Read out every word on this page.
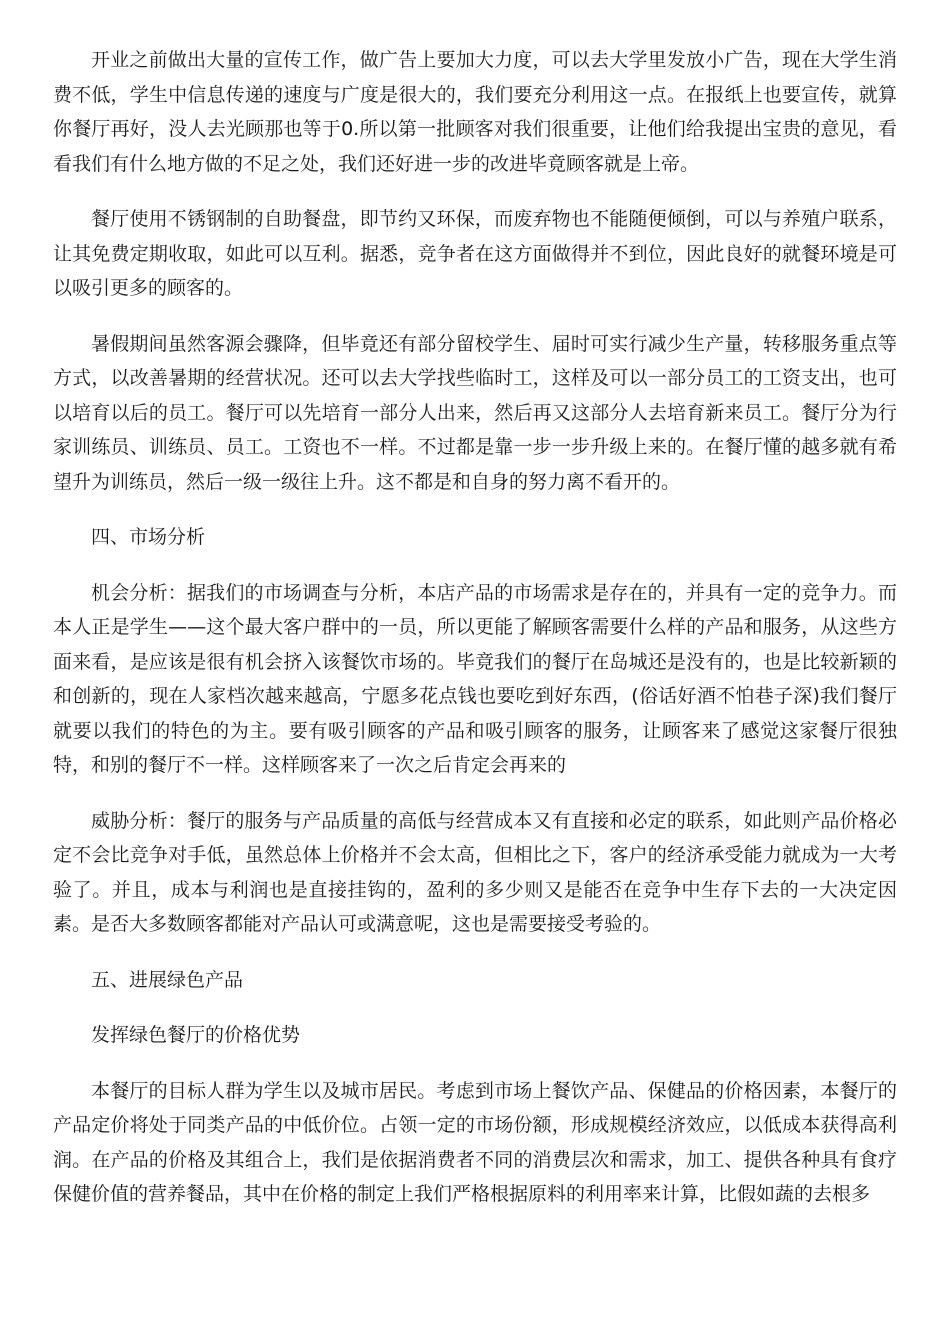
开业之前做出大量的宣传工作，做广告上要加大力度，可以去大学里发放小广告，现在大学生消费不低，学生中信息传递的速度与广度是很大的，我们要充分利用这一点。在报纸上也要宣传，就算你餐厅再好，没人去光顾那也等于0.所以第一批顾客对我们很重要，让他们给我提出宝贵的意见，看看我们有什么地方做的不足之处，我们还好进一步的改进毕竟顾客就是上帝。

餐厅使用不锈钢制的自助餐盘，即节约又环保，而废弃物也不能随便倾倒，可以与养殖户联系，让其免费定期收取，如此可以互利。据悉，竞争者在这方面做得并不到位，因此良好的就餐环境是可以吸引更多的顾客的。

暑假期间虽然客源会骤降，但毕竟还有部分留校学生、届时可实行减少生产量，转移服务重点等方式，以改善暑期的经营状况。还可以去大学找些临时工，这样及可以一部分员工的工资支出，也可以培育以后的员工。餐厅可以先培育一部分人出来，然后再又这部分人去培育新来员工。餐厅分为行家训练员、训练员、员工。工资也不一样。不过都是靠一步一步升级上来的。在餐厅懂的越多就有希望升为训练员，然后一级一级往上升。这不都是和自身的努力离不看开的。

四、市场分析

机会分析：据我们的市场调查与分析，本店产品的市场需求是存在的，并具有一定的竞争力。而本人正是学生——这个最大客户群中的一员，所以更能了解顾客需要什么样的产品和服务，从这些方面来看，是应该是很有机会挤入该餐饮市场的。毕竟我们的餐厅在岛城还是没有的，也是比较新颖的和创新的，现在人家档次越来越高，宁愿多花点钱也要吃到好东西，(俗话好酒不怕巷子深)我们餐厅就要以我们的特色的为主。要有吸引顾客的产品和吸引顾客的服务，让顾客来了感觉这家餐厅很独特，和别的餐厅不一样。这样顾客来了一次之后肯定会再来的

威胁分析：餐厅的服务与产品质量的高低与经营成本又有直接和必定的联系，如此则产品价格必定不会比竞争对手低，虽然总体上价格并不会太高，但相比之下，客户的经济承受能力就成为一大考验了。并且，成本与利润也是直接挂钩的，盈利的多少则又是能否在竞争中生存下去的一大决定因素。是否大多数顾客都能对产品认可或满意呢，这也是需要接受考验的。

五、进展绿色产品

发挥绿色餐厅的价格优势

本餐厅的目标人群为学生以及城市居民。考虑到市场上餐饮产品、保健品的价格因素，本餐厅的产品定价将处于同类产品的中低价位。占领一定的市场份额，形成规模经济效应，以低成本获得高利润。在产品的价格及其组合上，我们是依据消费者不同的消费层次和需求，加工、提供各种具有食疗保健价值的营养餐品，其中在价格的制定上我们严格根据原料的利用率来计算，比假如蔬的去根多
